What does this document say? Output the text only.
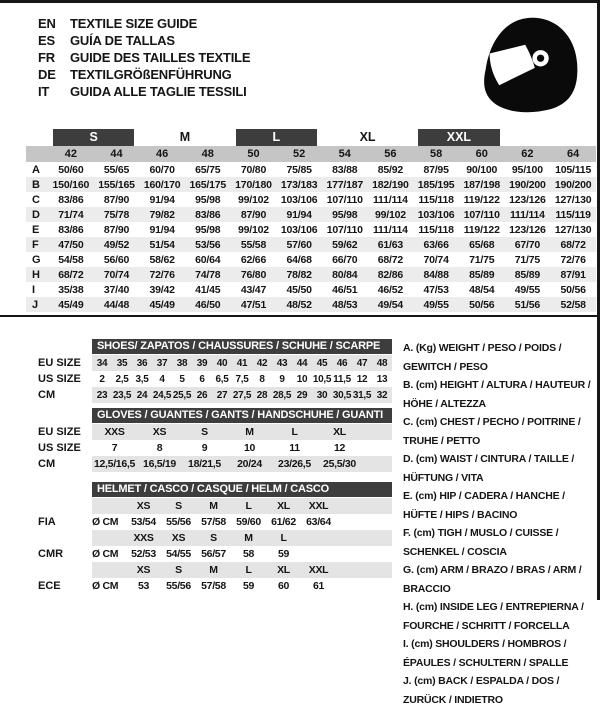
EN	TEXTILE SIZE GUIDE
ES	GUÍA DE TALLAS
FR	GUIDE DES TAILLES TEXTILE
DE	TEXTILGRÖßENFÜHRUNG
IT	GUIDA ALLE TAGLIE TESSILI

	S		M		L		XL		XXL			

	42	44	46	48	50	52	54	56	58	60	62	64
A	50/60	55/65	60/70	65/75	70/80	75/85	83/88	85/92	87/95	90/100	95/100	105/115
B	150/160	155/165	160/170	165/175	170/180	173/183	177/187	182/190	185/195	187/198	190/200	190/200
C	83/86	87/90	91/94	95/98	99/102	103/106	107/110	111/114	115/118	119/122	123/126	127/130
D	71/74	75/78	79/82	83/86	87/90	91/94	95/98	99/102	103/106	107/110	111/114	115/119
E	83/86	87/90	91/94	95/98	99/102	103/106	107/110	111/114	115/118	119/122	123/126	127/130
F	47/50	49/52	51/54	53/56	55/58	57/60	59/62	61/63	63/66	65/68	67/70	68/72
G	54/58	56/60	58/62	60/64	62/66	64/68	66/70	68/72	70/74	71/75	71/75	72/76
H	68/72	70/74	72/76	74/78	76/80	78/82	80/84	82/86	84/88	85/89	85/89	87/91
I	35/38	37/40	39/42	41/45	43/47	45/50	46/51	46/52	47/53	48/54	49/55	50/56
J	45/49	44/48	45/49	46/50	47/51	48/52	48/53	49/54	49/55	50/56	51/56	52/58
SHOES/ ZAPATOS / CHAUSSURES / SCHUHE / SCARPE
EU SIZE	34 35 36 37 38 39 40 41 42 43 44 45 46 47 48
US SIZE	2	2,5 3,5	4	5	6	6,5 7,5	8	9	10 10,5 11,5 12 13
CM	23 23,5 24 24,5 25,5 26 27 27,5 28 28,5 29 30 30,5 31,5 32
GLOVES / GUANTES / GANTS / HANDSCHUHE / GUANTI
EU SIZE	XXS	XS	S	M	L	XL
US SIZE	7	8	9	10	11	12
CM	12,5/16,5 16,5/19	18/21,5	20/24	23/26,5	25,5/30
HELMET / CASCO / CASQUE / HELM / CASCO
XS	S	M	L	XL	XXL
FIA	Ø CM	53/54 55/56 57/58 59/60 61/62 63/64
XXS	XS	S	M	L
CMR	Ø CM	52/53 54/55 56/57	58	59
XS	S	M	L	XL	XXL
ECE	Ø CM	53	55/56 57/58	59	60	61
A. (Kg) WEIGHT / PESO / POIDS / GEWITCH / PESO
B. (cm) HEIGHT / ALTURA / HAUTEUR / HÖHE / ALTEZZA
C. (cm) CHEST / PECHO / POITRINE / TRUHE / PETTO
D. (cm) WAIST / CINTURA / TAILLE / HÜFTUNG / VITA
E. (cm) HIP / CADERA / HANCHE / HÜFTE / HIPS / BACINO
F. (cm) TIGH / MUSLO / CUISSE / SCHENKEL / COSCIA
G. (cm) ARM / BRAZO / BRAS / ARM / BRACCIO
H. (cm) INSIDE LEG / ENTREPIERNA / FOURCHE / SCHRITT / FORCELLA
I. (cm) SHOULDERS / HOMBROS / ÉPAULES / SCHULTERN / SPALLE
J. (cm) BACK / ESPALDA / DOS / ZURÜCK / INDIETRO
